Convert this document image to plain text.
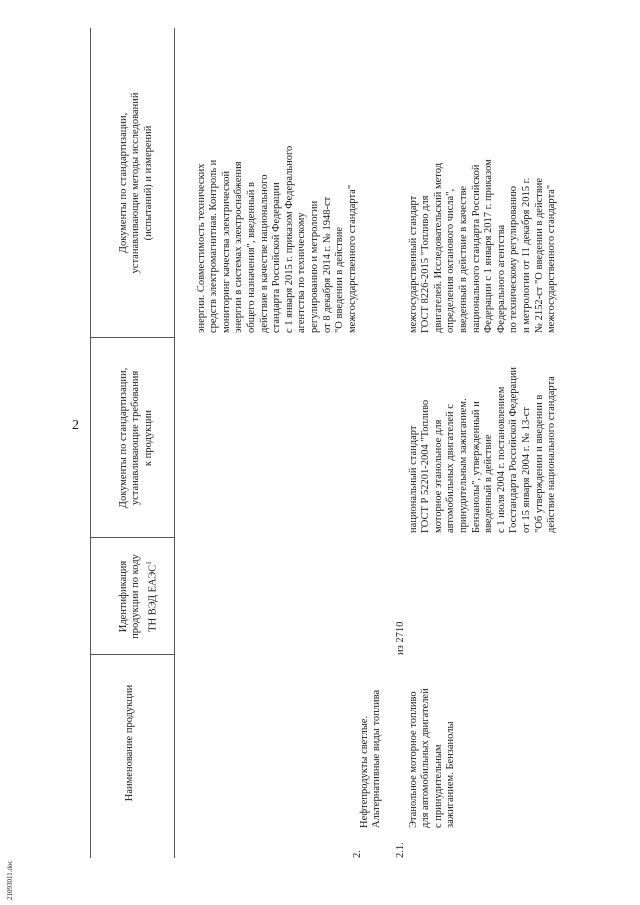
2
21093011.doc
Наименование продукции

Идентификация
продукции по коду
ТН ВЭД ЕАЭС$^1$

Документы по стандартизации,
устанавливающие требования
к продукции

Документы по стандартизации,
устанавливающие методы исследований
(испытаний) и измерений

энергии. Совместимость технических
средств электромагнитная. Контроль и
мониторинг качества электрической
энергии в системах электроснабжения
общего назначения", введенный в
действие в качестве национального
стандарта Российской Федерации
с 1 января 2015 г. приказом Федерального
агентства по техническому
регулированию и метрологии
от 8 декабря 2014 г. № 1948-ст
"О введении в действие
межгосударственного стандарта"

2.

Нефтепродукты светлые.
Альтернативные виды топлива

2.1.

Этанольное моторное топливо
для автомобильных двигателей
с принудительным
зажиганием. Бензанолы

из 2710

национальный стандарт
ГОСТ Р 52201-2004 "Топливо
моторное этанольное для
автомобильных двигателей с
принудительным зажиганием.
Бензанолы", утвержденный и
введенный в действие
с 1 июля 2004 г. постановлением
Госстандарта Российской Федерации
от 15 января 2004 г. № 13-ст
"Об утверждении и введении в
действие национального стандарта

межгосударственный стандарт
ГОСТ 8226-2015 "Топливо для
двигателей. Исследовательский метод
определения октанового числа",
введенный в действие в качестве
национального стандарта Российской
Федерации с 1 января 2017 г. приказом
Федерального агентства
по техническому регулированию
и метрологии от 11 декабря 2015 г.
№ 2152-ст "О введении в действие
межгосударственного стандарта"
